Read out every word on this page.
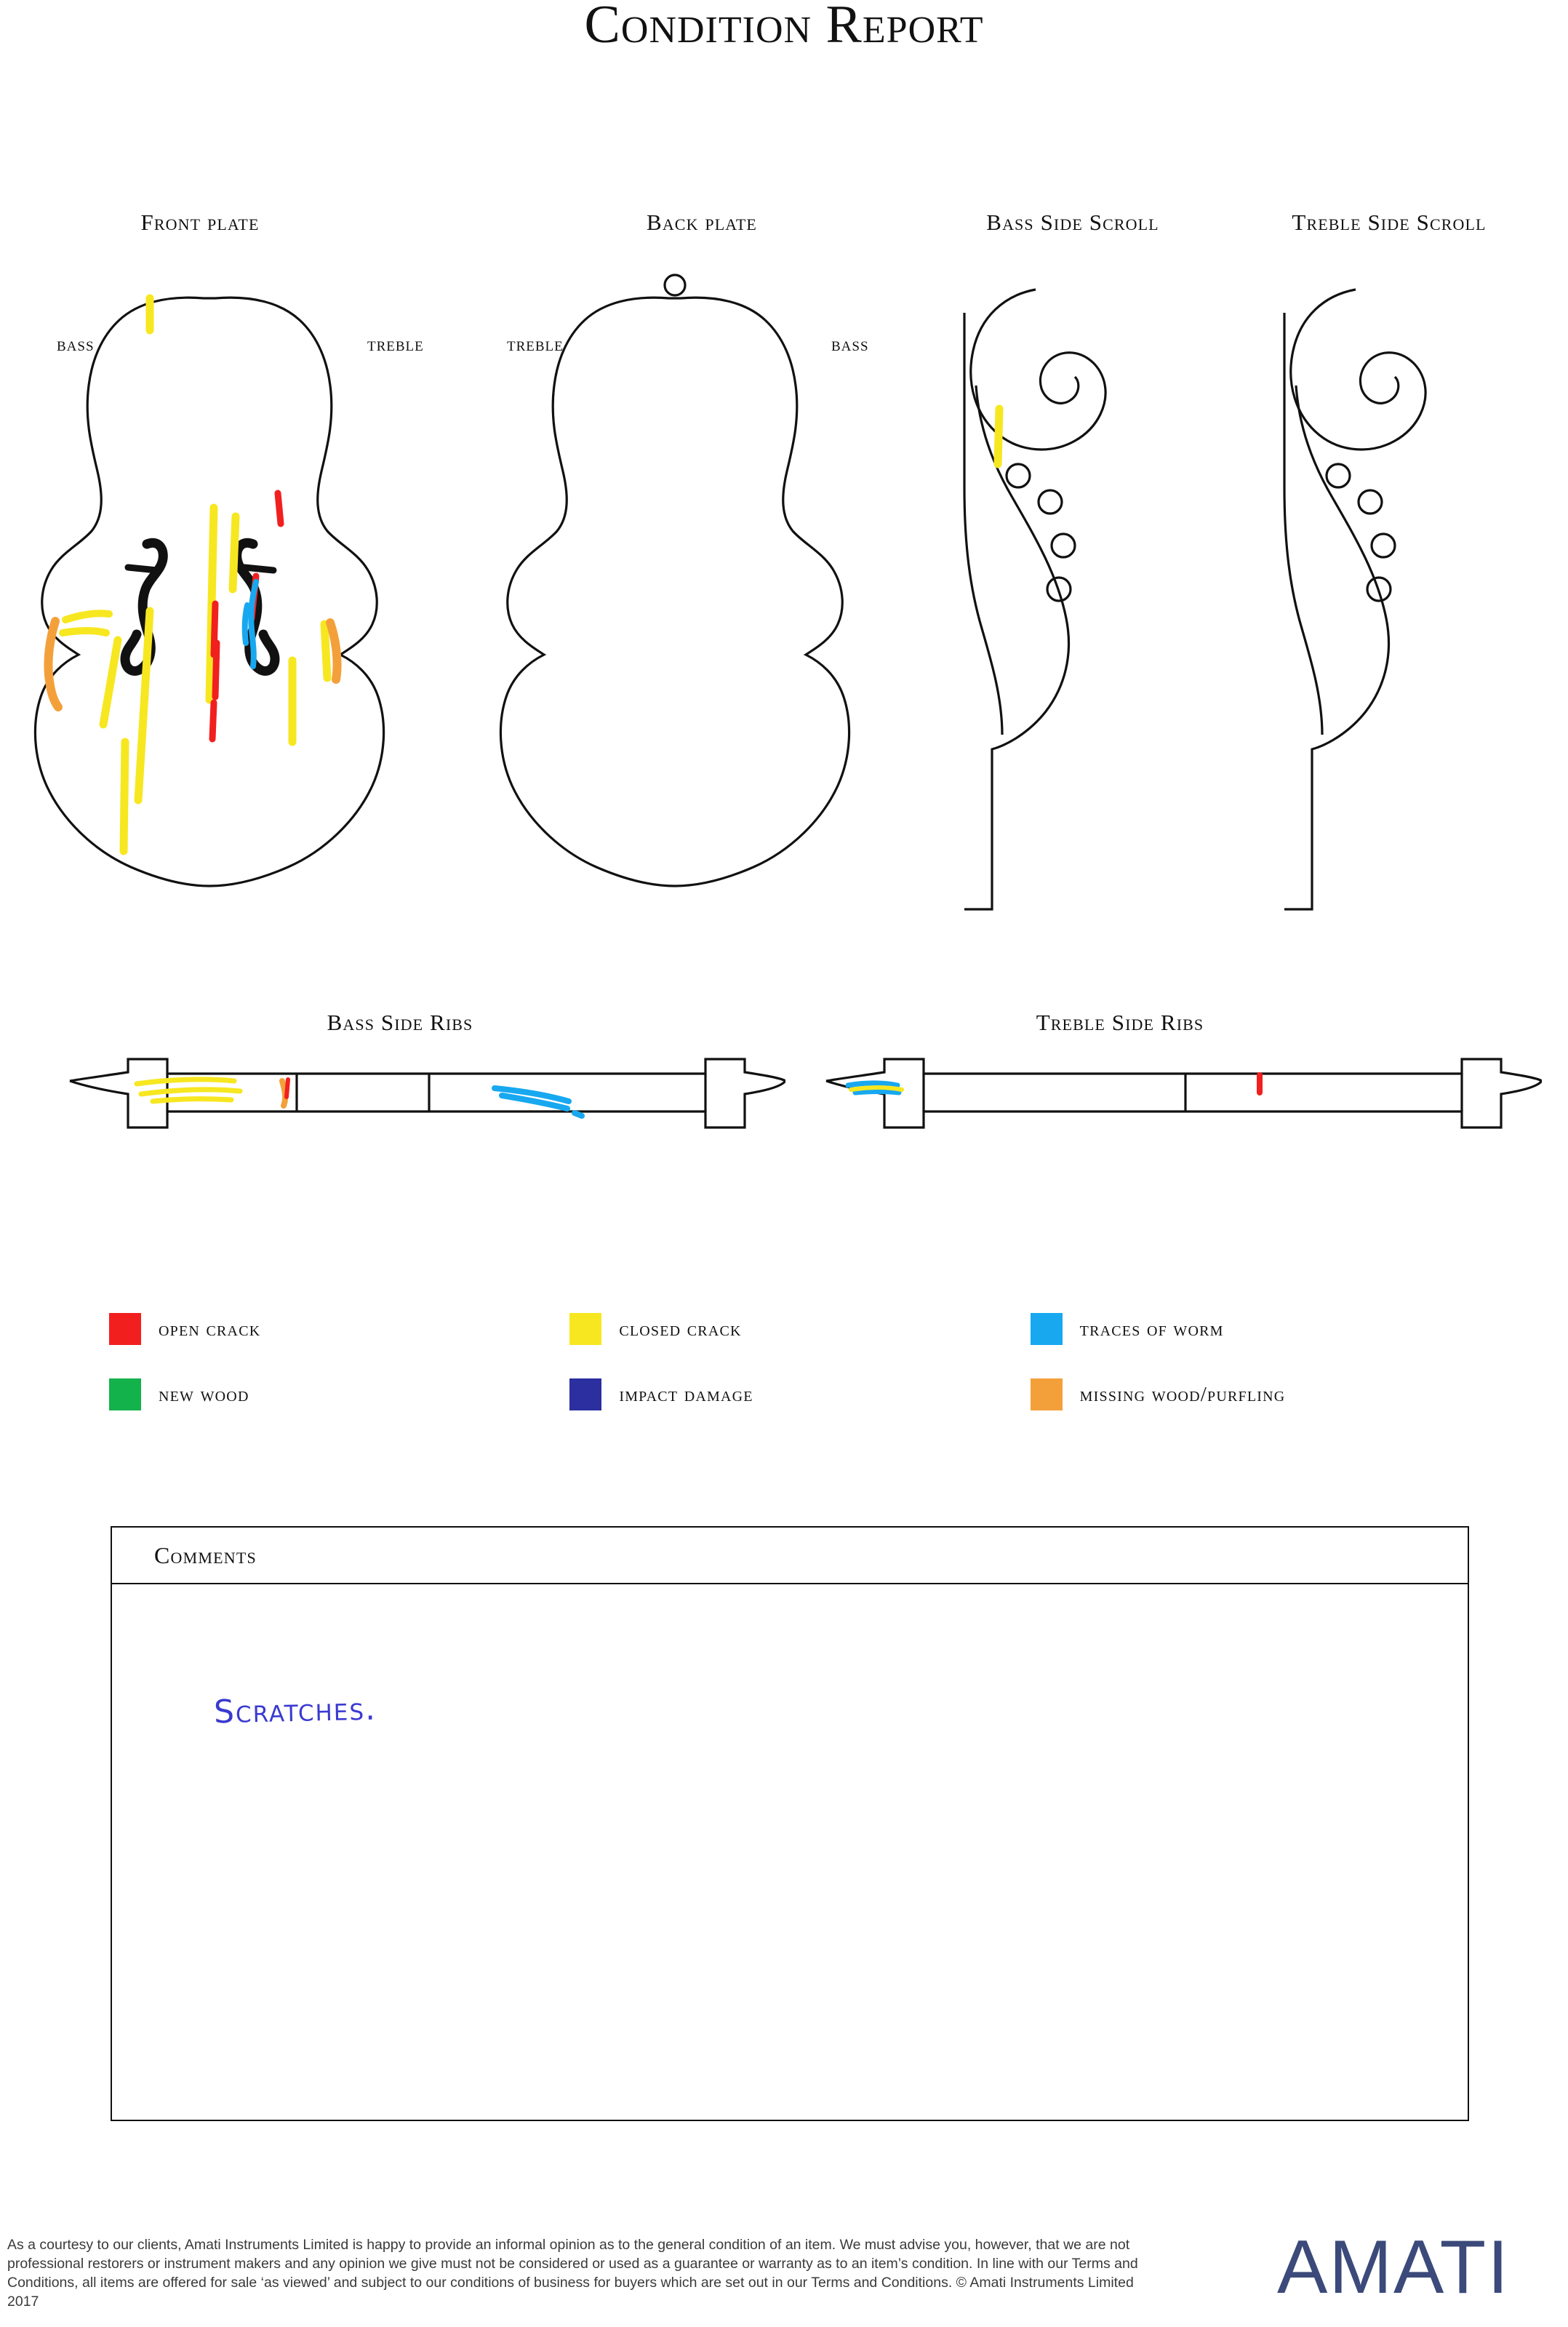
Condition Report
Front plate	Back plate	Bass Side Scroll	Treble Side Scroll
BASS	TREBLE	TREBLE	BASS
Bass Side Ribs	Treble Side Ribs
open crack	closed crack	traces of worm
new wood	impact damage	missing wood/purfling
Comments
Scratches.
As a courtesy to our clients, Amati Instruments Limited is happy to provide an informal opinion as to the general condition of an item. We must advise you, however, that we are not professional restorers or instrument makers and any opinion we give must not be considered or used as a guarantee or warranty as to an item’s condition. In line with our Terms and Conditions, all items are offered for sale ‘as viewed’ and subject to our conditions of business for buyers which are set out in our Terms and Conditions. © Amati Instruments Limited 2017	AMATI
